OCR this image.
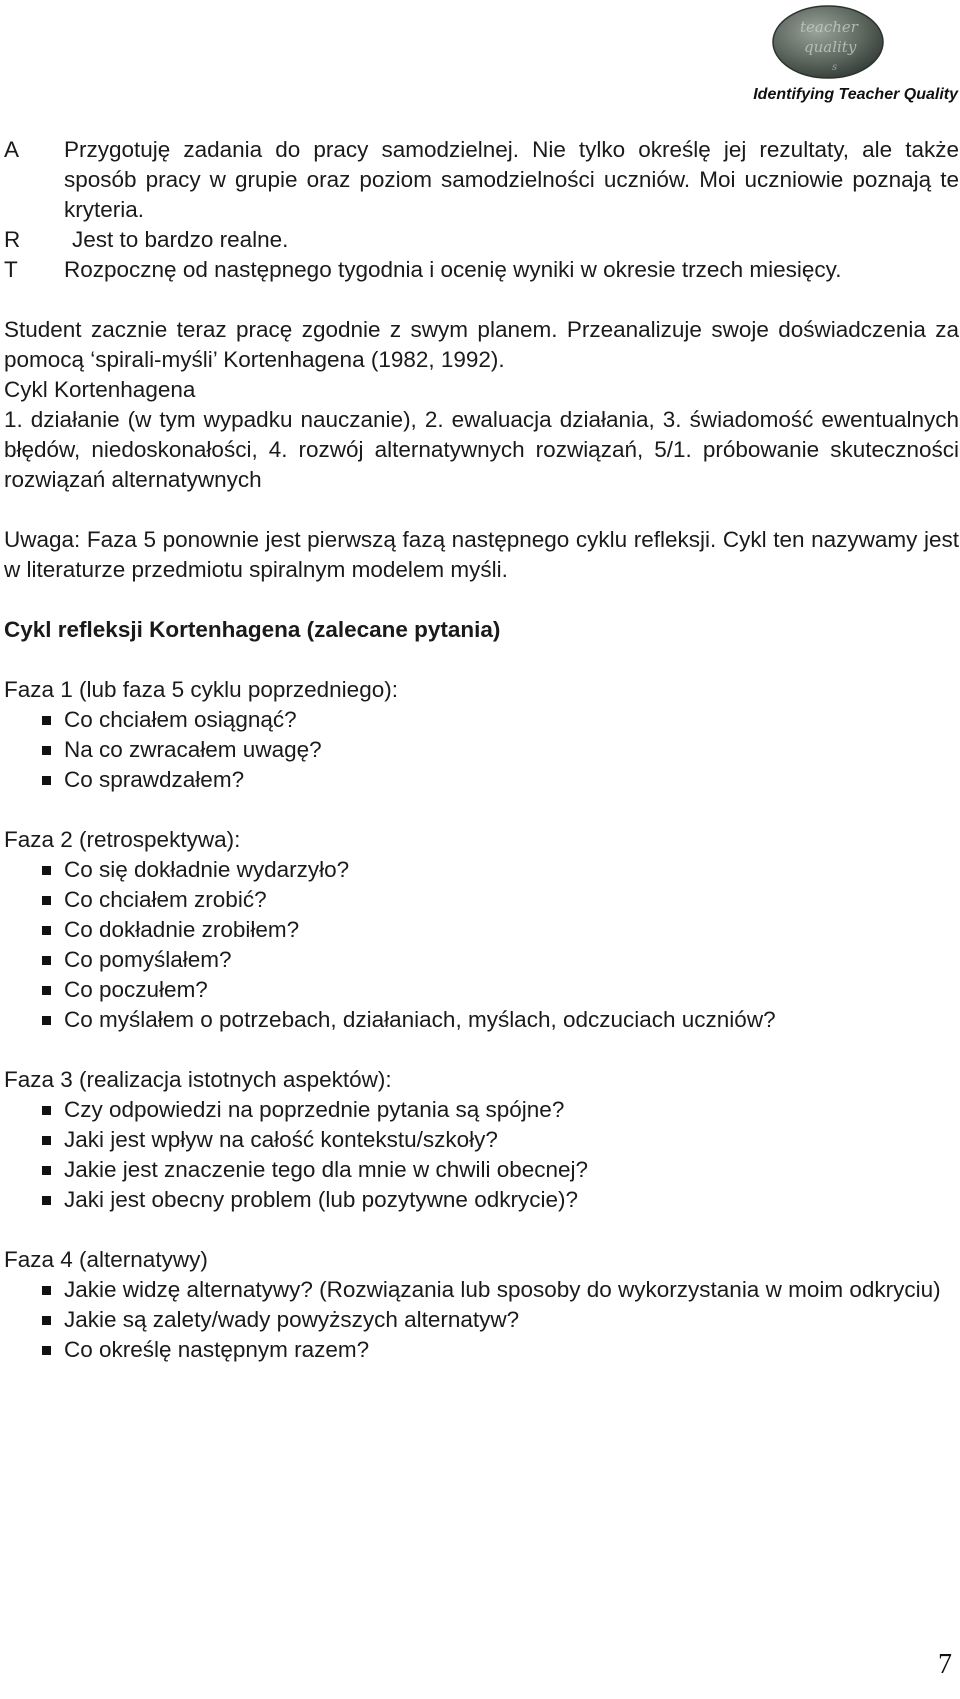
teacher
quality
s
Identifying Teacher Quality
A	Przygotuję zadania do pracy samodzielnej. Nie tylko określę jej rezultaty, ale także sposób pracy w grupie oraz poziom samodzielności uczniów. Moi uczniowie poznają te kryteria.
R	Jest to bardzo realne.
T	Rozpocznę od następnego tygodnia i ocenię wyniki w okresie trzech miesięcy.

Student zacznie teraz pracę zgodnie z swym planem. Przeanalizuje swoje doświadczenia za pomocą ‘spirali-myśli’ Kortenhagena (1982, 1992).

Cykl Kortenhagena

1. działanie (w tym wypadku nauczanie), 2. ewaluacja działania, 3. świadomość ewentualnych błędów, niedoskonałości, 4. rozwój alternatywnych rozwiązań, 5/1. próbowanie skuteczności rozwiązań alternatywnych

Uwaga: Faza 5 ponownie jest pierwszą fazą następnego cyklu refleksji. Cykl ten nazywamy jest w literaturze przedmiotu spiralnym modelem myśli.

Cykl refleksji Kortenhagena (zalecane pytania)

Faza 1 (lub faza 5 cyklu poprzedniego):

Co chciałem osiągnąć?
Na co zwracałem uwagę?
Co sprawdzałem?

Faza 2 (retrospektywa):

Co się dokładnie wydarzyło?
Co chciałem zrobić?
Co dokładnie zrobiłem?
Co pomyślałem?
Co poczułem?
Co myślałem o potrzebach, działaniach, myślach, odczuciach uczniów?

Faza 3 (realizacja istotnych aspektów):

Czy odpowiedzi na poprzednie pytania są spójne?
Jaki jest wpływ na całość kontekstu/szkoły?
Jakie jest znaczenie tego dla mnie w chwili obecnej?
Jaki jest obecny problem (lub pozytywne odkrycie)?

Faza 4 (alternatywy)

Jakie widzę alternatywy? (Rozwiązania lub sposoby do wykorzystania w moim odkryciu)
Jakie są zalety/wady powyższych alternatyw?
Co określę następnym razem?
7
